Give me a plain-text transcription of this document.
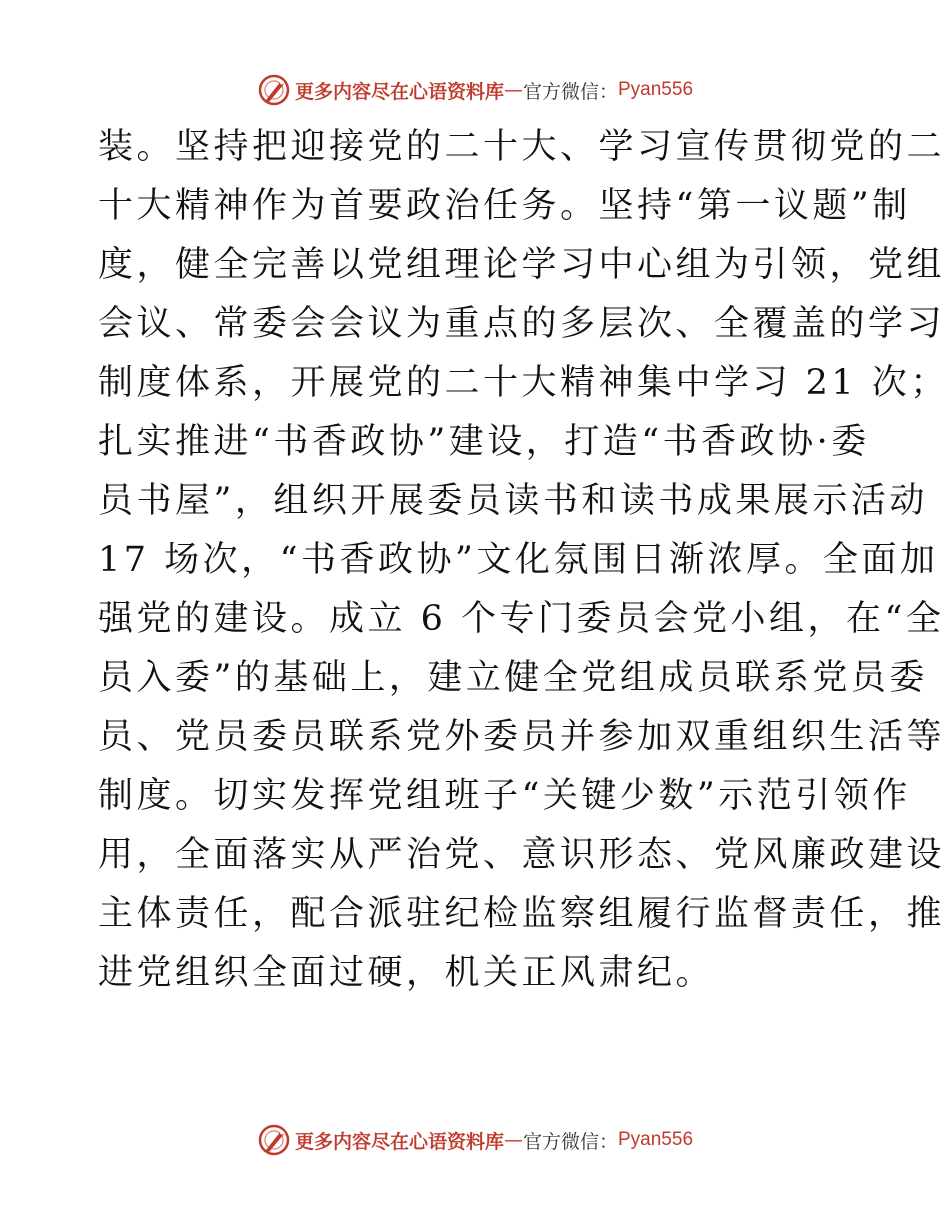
更多内容尽在心语资料库 — 官方微信： Pyan556
装。坚持把迎接党的二十大、学习宣传贯彻党的二
十大精神作为首要政治任务。坚持“第一议题”制
度，健全完善以党组理论学习中心组为引领，党组
会议、常委会会议为重点的多层次、全覆盖的学习
制度体系，开展党的二十大精神集中学习 21 次；
扎实推进“书香政协”建设，打造“书香政协·委
员书屋”，组织开展委员读书和读书成果展示活动
17 场次，“书香政协”文化氛围日渐浓厚。全面加
强党的建设。成立 6 个专门委员会党小组，在“全
员入委”的基础上，建立健全党组成员联系党员委
员、党员委员联系党外委员并参加双重组织生活等
制度。切实发挥党组班子“关键少数”示范引领作
用，全面落实从严治党、意识形态、党风廉政建设
主体责任，配合派驻纪检监察组履行监督责任，推
进党组织全面过硬，机关正风肃纪。
更多内容尽在心语资料库 — 官方微信： Pyan556
